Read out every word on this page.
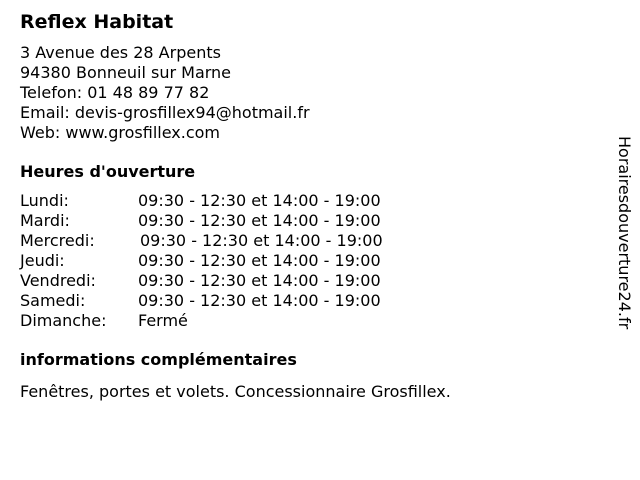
Reflex Habitat
3 Avenue des 28 Arpents
94380 Bonneuil sur Marne
Telefon: 01 48 89 77 82
Email: devis-grosfillex94@hotmail.fr
Web: www.grosfillex.com
Heures d'ouverture
Lundi:	09:30 - 12:30 et 14:00 - 19:00
Mardi:	09:30 - 12:30 et 14:00 - 19:00
Mercredi:	09:30 - 12:30 et 14:00 - 19:00
Jeudi:	09:30 - 12:30 et 14:00 - 19:00
Vendredi:	09:30 - 12:30 et 14:00 - 19:00
Samedi:	09:30 - 12:30 et 14:00 - 19:00
Dimanche: Fermé
informations complémentaires
Fenêtres, portes et volets. Concessionnaire Grosfillex.
Horairesdouverture24.fr
